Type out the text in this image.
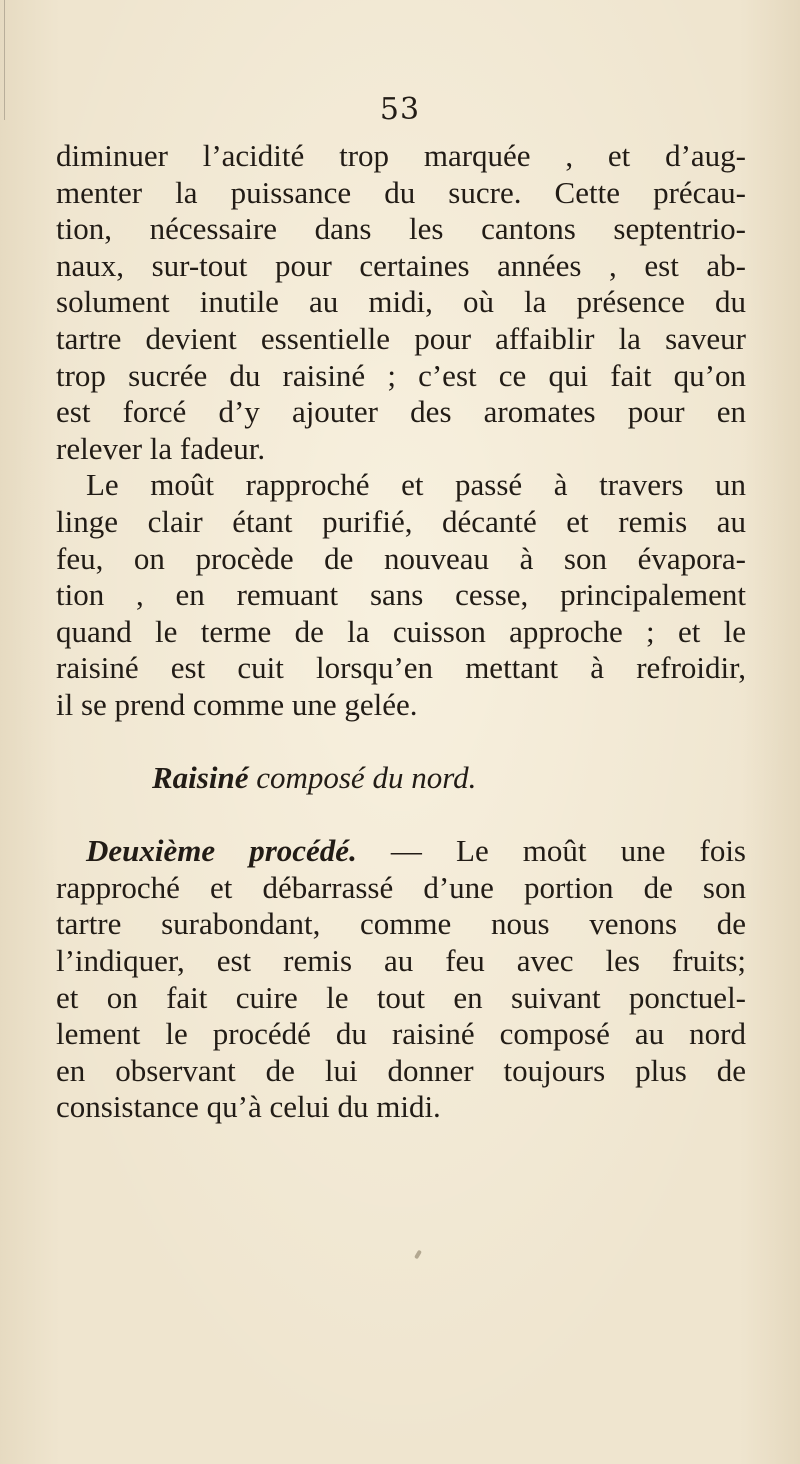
53
diminuer l’acidité trop marquée , et d’aug-
menter la puissance du sucre. Cette précau-
tion, nécessaire dans les cantons septentrio-
naux, sur-tout pour certaines années , est ab-
solument inutile au midi, où la présence du
tartre devient essentielle pour affaiblir la saveur
trop sucrée du raisiné ; c’est ce qui fait qu’on
est forcé d’y ajouter des aromates pour en
relever la fadeur.
Le moût rapproché et passé à travers un
linge clair étant purifié, décanté et remis au
feu, on procède de nouveau à son évapora-
tion , en remuant sans cesse, principalement
quand le terme de la cuisson approche ; et le
raisiné est cuit lorsqu’en mettant à refroidir,
il se prend comme une gelée.
Raisiné composé du nord.
Deuxième procédé. — Le moût une fois
rapproché et débarrassé d’une portion de son
tartre surabondant, comme nous venons de
l’indiquer, est remis au feu avec les fruits;
et on fait cuire le tout en suivant ponctuel-
lement le procédé du raisiné composé au nord
en observant de lui donner toujours plus de
consistance qu’à celui du midi.
